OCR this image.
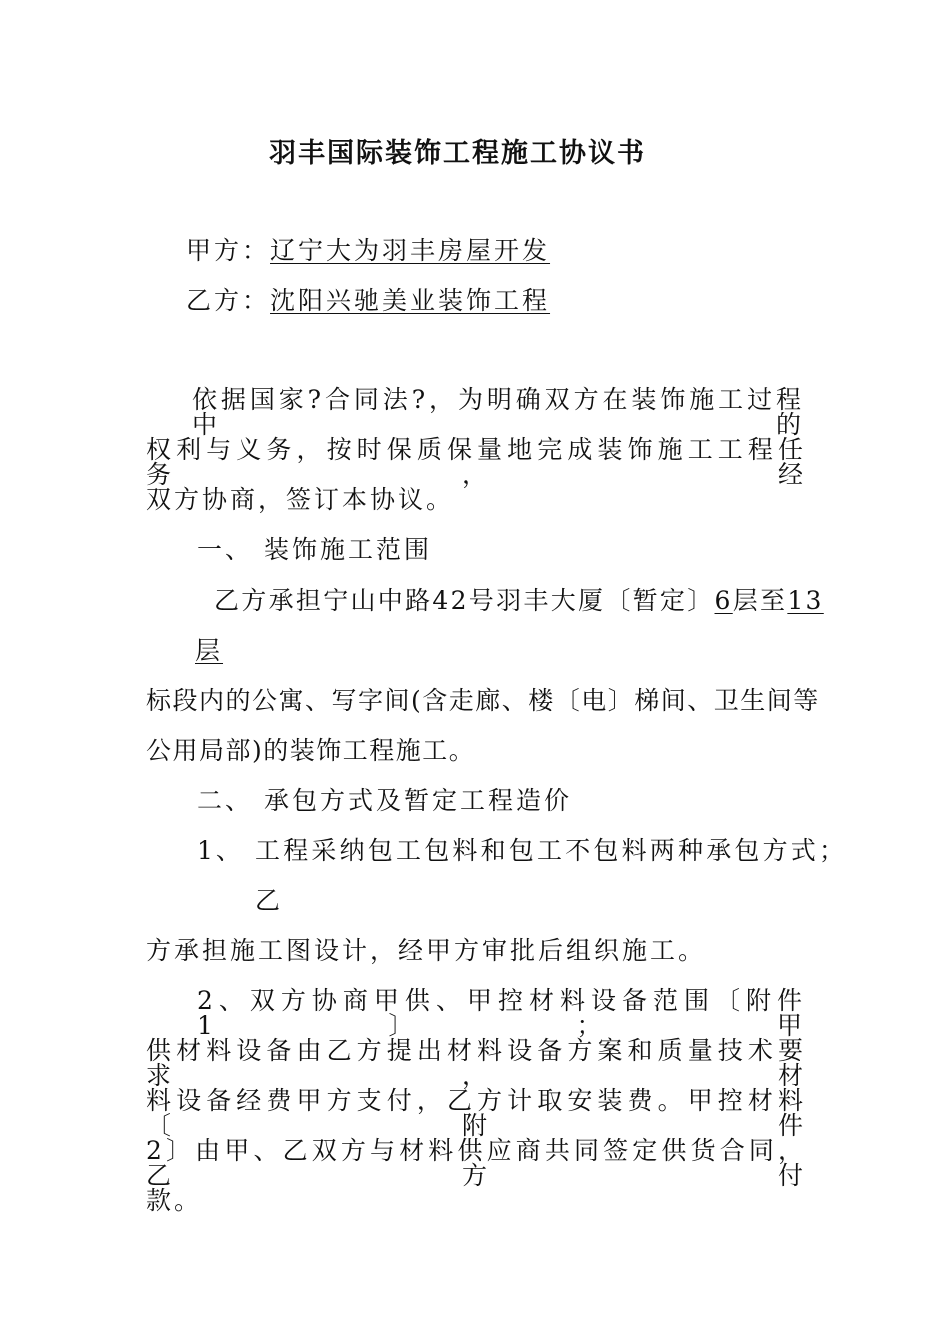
羽丰国际装饰工程施工协议书
甲方：辽宁大为羽丰房屋开发
乙方：沈阳兴驰美业装饰工程
依据国家?合同法?，为明确双方在装饰施工过程中的
权利与义务，按时保质保量地完成装饰施工工程任务，经
双方协商，签订本协议。
一、 装饰施工范围
乙方承担宁山中路42号羽丰大厦〔暂定〕6层至13
层
标段内的公寓、写字间(含走廊、楼〔电〕梯间、卫生间等
公用局部)的装饰工程施工。
二、 承包方式及暂定工程造价
1、 工程采纳包工包料和包工不包料两种承包方式；
乙
方承担施工图设计，经甲方审批后组织施工。
2、双方协商甲供、甲控材料设备范围〔附件1〕；甲
供材料设备由乙方提出材料设备方案和质量技术要求，材
料设备经费甲方支付，乙方计取安装费。甲控材料〔附件
2〕由甲、乙双方与材料供应商共同签定供货合同，乙方付
款。
